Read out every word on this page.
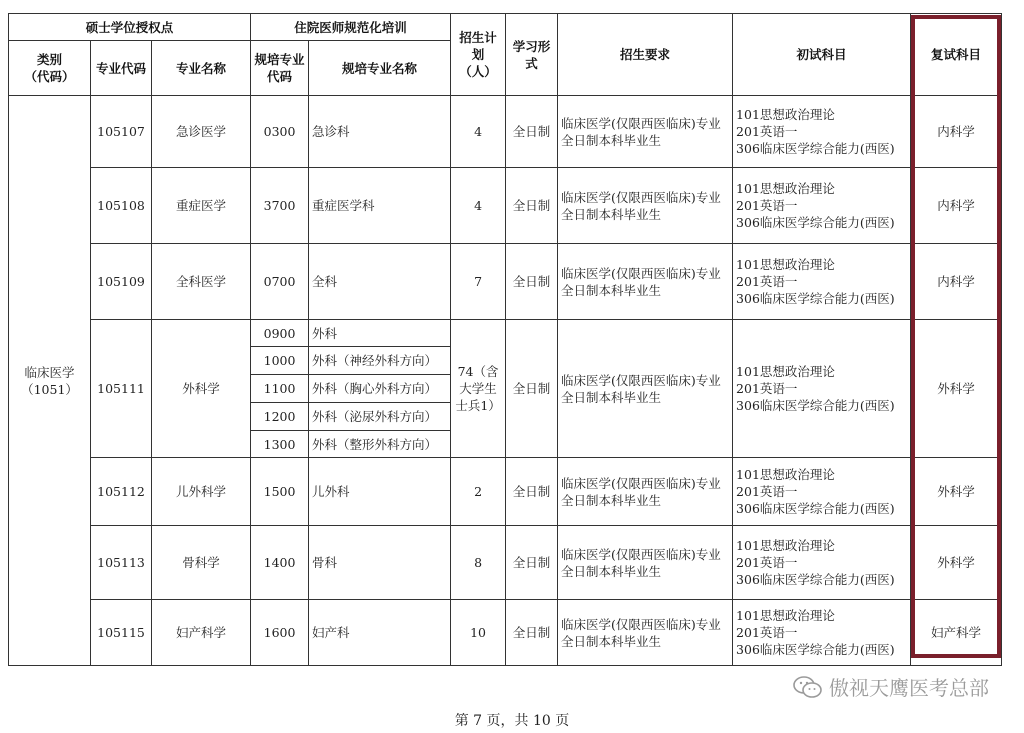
硕士学位授权点			住院医师规范化培训		招生计
划
（人）	学习形
式	招生要求	初试科目	复试科目
类别
（代码）	专业代码	专业名称	规培专业
代码	规培专业名称					
临床医学
（1051）	105107	急诊医学	0300	急诊科	4	全日制	临床医学(仅限西医临床)专业全日制本科毕业生	101思想政治理论
201英语一
306临床医学综合能力(西医)	内科学
	105108	重症医学	3700	重症医学科	4	全日制	临床医学(仅限西医临床)专业全日制本科毕业生	101思想政治理论
201英语一
306临床医学综合能力(西医)	内科学
	105109	全科医学	0700	全科	7	全日制	临床医学(仅限西医临床)专业全日制本科毕业生	101思想政治理论
201英语一
306临床医学综合能力(西医)	内科学
	105111	外科学	0900	外科	74（含
大学生
士兵1）	全日制	临床医学(仅限西医临床)专业全日制本科毕业生	101思想政治理论
201英语一
306临床医学综合能力(西医)	外科学
			1000	外科（神经外科方向）					
			1100	外科（胸心外科方向）					
			1200	外科（泌尿外科方向）					
			1300	外科（整形外科方向）					
	105112	儿外科学	1500	儿外科	2	全日制	临床医学(仅限西医临床)专业全日制本科毕业生	101思想政治理论
201英语一
306临床医学综合能力(西医)	外科学
	105113	骨科学	1400	骨科	8	全日制	临床医学(仅限西医临床)专业全日制本科毕业生	101思想政治理论
201英语一
306临床医学综合能力(西医)	外科学
	105115	妇产科学	1600	妇产科	10	全日制	临床医学(仅限西医临床)专业全日制本科毕业生	101思想政治理论
201英语一
306临床医学综合能力(西医)	妇产科学
傲视天鹰医考总部
第 7 页，共 10 页
